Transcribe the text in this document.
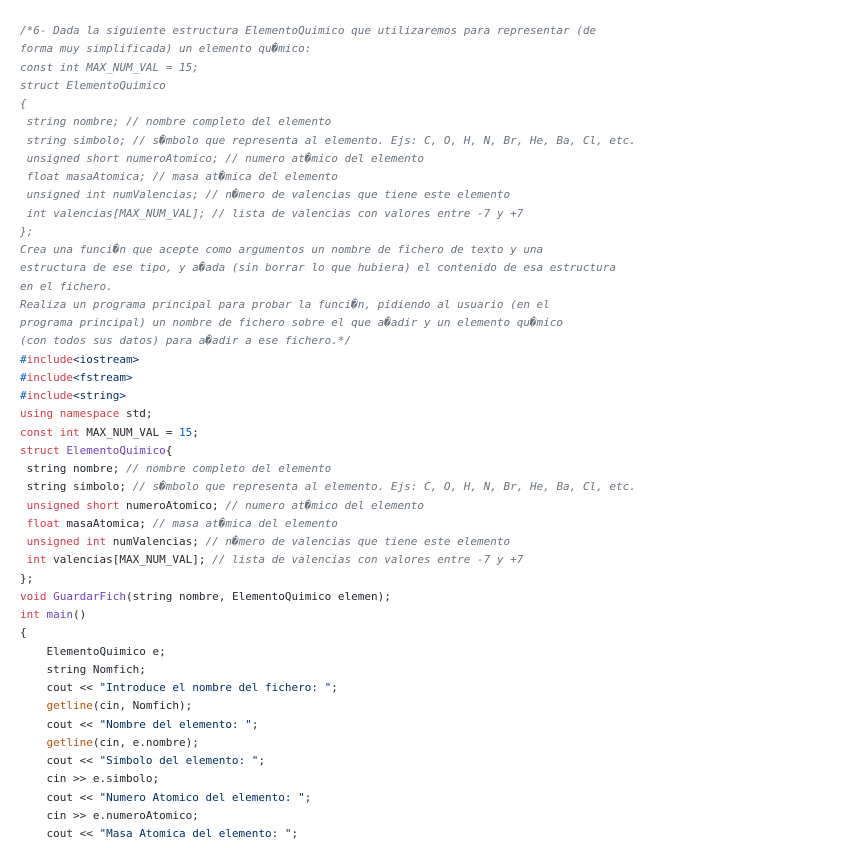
/*6- Dada la siguiente estructura ElementoQuimico que utilizaremos para representar (de
forma muy simplificada) un elemento qu�mico:
const int MAX_NUM_VAL = 15;
struct ElementoQuimico
{
string nombre; // nombre completo del elemento
string simbolo; // s�mbolo que representa al elemento. Ejs: C, O, H, N, Br, He, Ba, Cl, etc.
unsigned short numeroAtomico; // numero at�mico del elemento
float masaAtomica; // masa at�mica del elemento
unsigned int numValencias; // n�mero de valencias que tiene este elemento
int valencias[MAX_NUM_VAL]; // lista de valencias con valores entre -7 y +7
};
Crea una funci�n que acepte como argumentos un nombre de fichero de texto y una
estructura de ese tipo, y a�ada (sin borrar lo que hubiera) el contenido de esa estructura
en el fichero.
Realiza un programa principal para probar la funci�n, pidiendo al usuario (en el
programa principal) un nombre de fichero sobre el que a�adir y un elemento qu�mico
(con todos sus datos) para a�adir a ese fichero.*/
#include<iostream>
#include<fstream>
#include<string>
using namespace std;
const int MAX_NUM_VAL = 15;
struct ElementoQuimico{
string nombre; // nombre completo del elemento
string simbolo; // s�mbolo que representa al elemento. Ejs: C, O, H, N, Br, He, Ba, Cl, etc.
unsigned short numeroAtomico; // numero at�mico del elemento
float masaAtomica; // masa at�mica del elemento
unsigned int numValencias; // n�mero de valencias que tiene este elemento
int valencias[MAX_NUM_VAL]; // lista de valencias con valores entre -7 y +7
};
void GuardarFich(string nombre, ElementoQuimico elemen);
int main()
{
ElementoQuimico e;
string Nomfich;
cout << "Introduce el nombre del fichero: ";
getline(cin, Nomfich);
cout << "Nombre del elemento: ";
getline(cin, e.nombre);
cout << "Simbolo del elemento: ";
cin >> e.simbolo;
cout << "Numero Atomico del elemento: ";
cin >> e.numeroAtomico;
cout << "Masa Atomica del elemento: ";
